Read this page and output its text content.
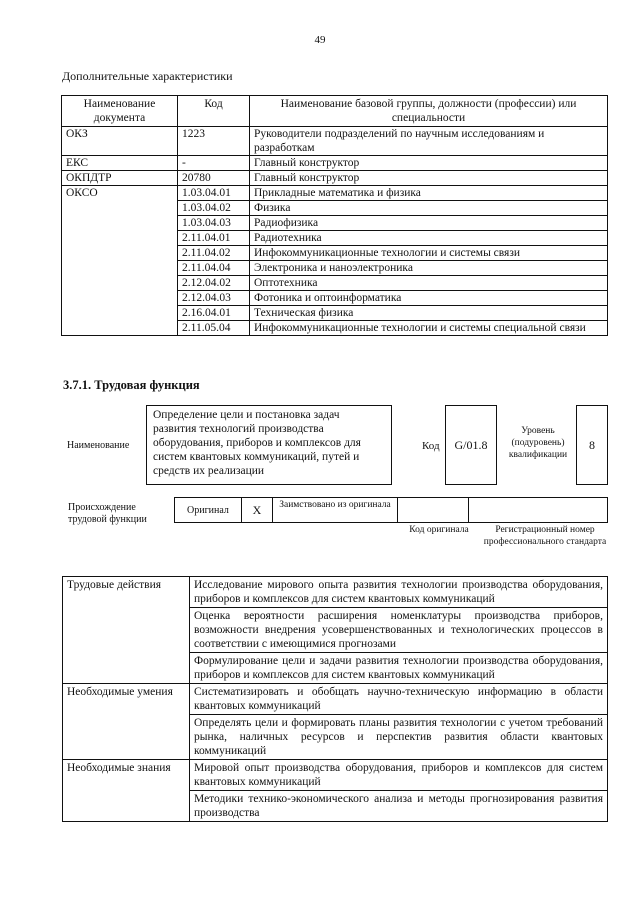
49
Дополнительные характеристики
Наименование документа	Код	Наименование базовой группы, должности (профессии) или специальности
ОКЗ	1223	Руководители подразделений по научным исследованиям и разработкам
ЕКС	-	Главный конструктор
ОКПДТР	20780	Главный конструктор
ОКСО	1.03.04.01	Прикладные математика и физика
	1.03.04.02	Физика
	1.03.04.03	Радиофизика
	2.11.04.01	Радиотехника
	2.11.04.02	Инфокоммуникационные технологии и системы связи
	2.11.04.04	Электроника и наноэлектроника
	2.12.04.02	Оптотехника
	2.12.04.03	Фотоника и оптоинформатика
	2.16.04.01	Техническая физика
	2.11.05.04	Инфокоммуникационные технологии и системы специальной связи
3.7.1. Трудовая функция
Наименование
Определение цели и постановка задач развития технологий производства оборудования, приборов и комплексов для систем квантовых коммуникаций, путей и средств их реализации
Код	G/01.8
Уровень (подуровень) квалификации
8
Происхождение трудовой функции
Оригинал	X	Заимствовано из оригинала
Код оригинала	Регистрационный номер профессионального стандарта
Трудовые действия	Исследование мирового опыта развития технологии производства оборудования, приборов и комплексов для систем квантовых коммуникаций
	Оценка вероятности расширения номенклатуры производства приборов, возможности внедрения усовершенствованных и технологических процессов в соответствии с имеющимися прогнозами
	Формулирование цели и задачи развития технологии производства оборудования, приборов и комплексов для систем квантовых коммуникаций
Необходимые умения	Систематизировать и обобщать научно-техническую информацию в области квантовых коммуникаций
	Определять цели и формировать планы развития технологии с учетом требований рынка, наличных ресурсов и перспектив развития области квантовых коммуникаций
Необходимые знания	Мировой опыт производства оборудования, приборов и комплексов для систем квантовых коммуникаций
	Методики технико-экономического анализа и методы прогнозирования развития производства
